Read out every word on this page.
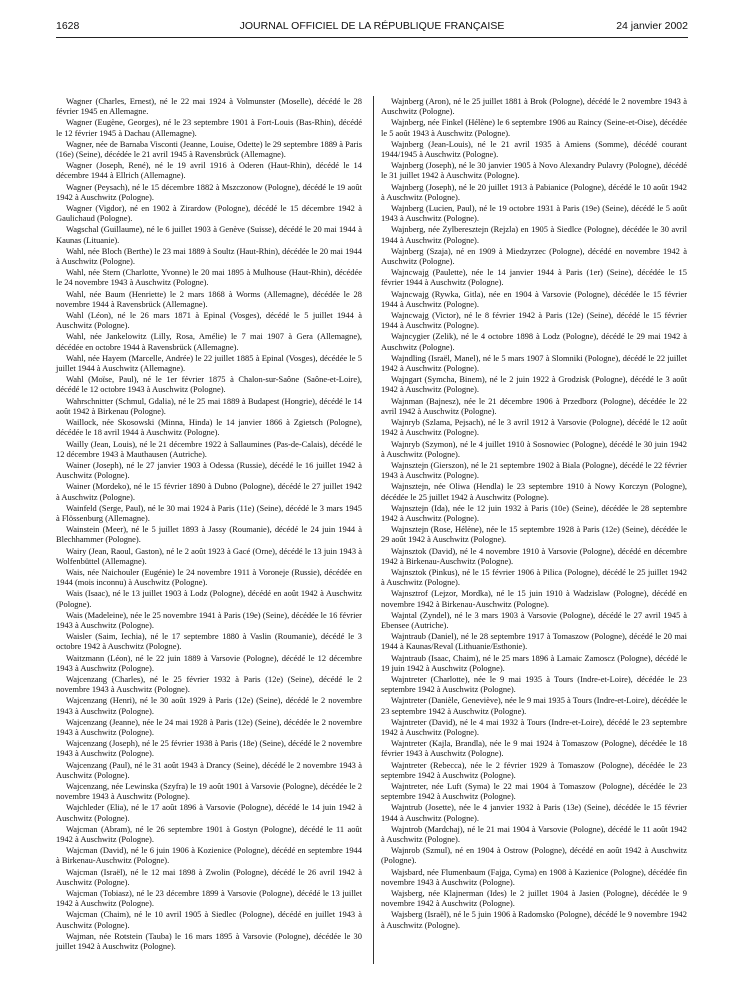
1628	JOURNAL OFFICIEL DE LA RÉPUBLIQUE FRANÇAISE	24 janvier 2002

Wagner (Charles, Ernest), né le 22 mai 1924 à Volmunster (Moselle), décédé le 28 février 1945 en Allemagne.

Wagner (Eugène, Georges), né le 23 septembre 1901 à Fort-Louis (Bas-Rhin), décédé le 12 février 1945 à Dachau (Allemagne).

Wagner, née de Barnaba Visconti (Jeanne, Louise, Odette) le 29 septembre 1889 à Paris (16e) (Seine), décédée le 21 avril 1945 à Ravensbrück (Allemagne).

Wagner (Joseph, René), né le 19 avril 1916 à Oderen (Haut-Rhin), décédé le 14 décembre 1944 à Ellrich (Allemagne).

Wagner (Peysach), né le 15 décembre 1882 à Mszczonow (Pologne), décédé le 19 août 1942 à Auschwitz (Pologne).

Wagner (Vigdor), né en 1902 à Zirardow (Pologne), décédé le 15 décembre 1942 à Gaulichaud (Pologne).

Wagschal (Guillaume), né le 6 juillet 1903 à Genève (Suisse), décédé le 20 mai 1944 à Kaunas (Lituanie).

Wahl, née Bloch (Berthe) le 23 mai 1889 à Soultz (Haut-Rhin), décédée le 20 mai 1944 à Auschwitz (Pologne).

Wahl, née Stern (Charlotte, Yvonne) le 20 mai 1895 à Mulhouse (Haut-Rhin), décédée le 24 novembre 1943 à Auschwitz (Pologne).

Wahl, née Baum (Henriette) le 2 mars 1868 à Worms (Allemagne), décédée le 28 novembre 1944 à Ravensbrück (Allemagne).

Wahl (Léon), né le 26 mars 1871 à Epinal (Vosges), décédé le 5 juillet 1944 à Auschwitz (Pologne).

Wahl, née Jankelowitz (Lilly, Rosa, Amélie) le 7 mai 1907 à Gera (Allemagne), décédée en octobre 1944 à Ravensbrück (Allemagne).

Wahl, née Hayem (Marcelle, Andrée) le 22 juillet 1885 à Epinal (Vosges), décédée le 5 juillet 1944 à Auschwitz (Allemagne).

Wahl (Moïse, Paul), né le 1er février 1875 à Chalon-sur-Saône (Saône-et-Loire), décédé le 12 octobre 1943 à Auschwitz (Pologne).

Wahrschnitter (Schmul, Gdalia), né le 25 mai 1889 à Budapest (Hongrie), décédé le 14 août 1942 à Birkenau (Pologne).

Waillock, née Skosowski (Minna, Hinda) le 14 janvier 1866 à Zgietsch (Pologne), décédée le 18 avril 1944 à Auschwitz (Pologne).

Wailly (Jean, Louis), né le 21 décembre 1922 à Sallaumines (Pas-de-Calais), décédé le 12 décembre 1943 à Mauthausen (Autriche).

Wainer (Joseph), né le 27 janvier 1903 à Odessa (Russie), décédé le 16 juillet 1942 à Auschwitz (Pologne).

Wainer (Mordeko), né le 15 février 1890 à Dubno (Pologne), décédé le 27 juillet 1942 à Auschwitz (Pologne).

Wainfeld (Serge, Paul), né le 30 mai 1924 à Paris (11e) (Seine), décédé le 3 mars 1945 à Flössenburg (Allemagne).

Wainstein (Meer), né le 5 juillet 1893 à Jassy (Roumanie), décédé le 24 juin 1944 à Blechhammer (Pologne).

Wairy (Jean, Raoul, Gaston), né le 2 août 1923 à Gacé (Orne), décédé le 13 juin 1943 à Wolfenbüttel (Allemagne).

Wais, née Naichouler (Eugénie) le 24 novembre 1911 à Voroneje (Russie), décédée en 1944 (mois inconnu) à Auschwitz (Pologne).

Wais (Isaac), né le 13 juillet 1903 à Lodz (Pologne), décédé en août 1942 à Auschwitz (Pologne).

Wais (Madeleine), née le 25 novembre 1941 à Paris (19e) (Seine), décédée le 16 février 1943 à Auschwitz (Pologne).

Waisler (Saim, Iechia), né le 17 septembre 1880 à Vaslin (Roumanie), décédé le 3 octobre 1942 à Auschwitz (Pologne).

Waitzmann (Léon), né le 22 juin 1889 à Varsovie (Pologne), décédé le 12 décembre 1943 à Auschwitz (Pologne).

Wajcenzang (Charles), né le 25 février 1932 à Paris (12e) (Seine), décédé le 2 novembre 1943 à Auschwitz (Pologne).

Wajcenzang (Henri), né le 30 août 1929 à Paris (12e) (Seine), décédé le 2 novembre 1943 à Auschwitz (Pologne).

Wajcenzang (Jeanne), née le 24 mai 1928 à Paris (12e) (Seine), décédée le 2 novembre 1943 à Auschwitz (Pologne).

Wajcenzang (Joseph), né le 25 février 1938 à Paris (18e) (Seine), décédé le 2 novembre 1943 à Auschwitz (Pologne).

Wajcenzang (Paul), né le 31 août 1943 à Drancy (Seine), décédé le 2 novembre 1943 à Auschwitz (Pologne).

Wajcenzang, née Lewinska (Szyfra) le 19 août 1901 à Varsovie (Pologne), décédée le 2 novembre 1943 à Auschwitz (Pologne).

Wajchleder (Elia), né le 17 août 1896 à Varsovie (Pologne), décédé le 14 juin 1942 à Auschwitz (Pologne).

Wajcman (Abram), né le 26 septembre 1901 à Gostyn (Pologne), décédé le 11 août 1942 à Auschwitz (Pologne).

Wajcman (David), né le 6 juin 1906 à Kozienice (Pologne), décédé en septembre 1944 à Birkenau-Auschwitz (Pologne).

Wajcman (Israël), né le 12 mai 1898 à Zwolin (Pologne), décédé le 26 avril 1942 à Auschwitz (Pologne).

Wajcman (Tobiasz), né le 23 décembre 1899 à Varsovie (Pologne), décédé le 13 juillet 1942 à Auschwitz (Pologne).

Wajcman (Chaim), né le 10 avril 1905 à Siedlec (Pologne), décédé en juillet 1943 à Auschwitz (Pologne).

Wajman, née Rotstein (Tauba) le 16 mars 1895 à Varsovie (Pologne), décédée le 30 juillet 1942 à Auschwitz (Pologne).

Wajnberg (Aron), né le 25 juillet 1881 à Brok (Pologne), décédé le 2 novembre 1943 à Auschwitz (Pologne).

Wajnberg, née Finkel (Hélène) le 6 septembre 1906 au Raincy (Seine-et-Oise), décédée le 5 août 1943 à Auschwitz (Pologne).

Wajnberg (Jean-Louis), né le 21 avril 1935 à Amiens (Somme), décédé courant 1944/1945 à Auschwitz (Pologne).

Wajnberg (Joseph), né le 30 janvier 1905 à Novo Alexandry Pulavry (Pologne), décédé le 31 juillet 1942 à Auschwitz (Pologne).

Wajnberg (Joseph), né le 20 juillet 1913 à Pabianice (Pologne), décédé le 10 août 1942 à Auschwitz (Pologne).

Wajnberg (Lucien, Paul), né le 19 octobre 1931 à Paris (19e) (Seine), décédé le 5 août 1943 à Auschwitz (Pologne).

Wajnberg, née Zylberesztejn (Rejzla) en 1905 à Siedlce (Pologne), décédée le 30 avril 1944 à Auschwitz (Pologne).

Wajnberg (Szaja), né en 1909 à Miedzyrzec (Pologne), décédé en novembre 1942 à Auschwitz (Pologne).

Wajncwajg (Paulette), née le 14 janvier 1944 à Paris (1er) (Seine), décédée le 15 février 1944 à Auschwitz (Pologne).

Wajncwajg (Rywka, Gitla), née en 1904 à Varsovie (Pologne), décédée le 15 février 1944 à Auschwitz (Pologne).

Wajncwajg (Victor), né le 8 février 1942 à Paris (12e) (Seine), décédé le 15 février 1944 à Auschwitz (Pologne).

Wajncygier (Zelik), né le 4 octobre 1898 à Lodz (Pologne), décédé le 29 mai 1942 à Auschwitz (Pologne).

Wajndling (Israël, Manel), né le 5 mars 1907 à Slomniki (Pologne), décédé le 22 juillet 1942 à Auschwitz (Pologne).

Wajngart (Symcha, Binem), né le 2 juin 1922 à Grodzisk (Pologne), décédé le 3 août 1942 à Auschwitz (Pologne).

Wajnman (Bajnesz), née le 21 décembre 1906 à Przedborz (Pologne), décédée le 22 avril 1942 à Auschwitz (Pologne).

Wajnryb (Szlama, Pejsach), né le 3 avril 1912 à Varsovie (Pologne), décédé le 12 août 1942 à Auschwitz (Pologne).

Wajnryb (Szymon), né le 4 juillet 1910 à Sosnowiec (Pologne), décédé le 30 juin 1942 à Auschwitz (Pologne).

Wajnsztejn (Gierszon), né le 21 septembre 1902 à Biala (Pologne), décédé le 22 février 1943 à Auschwitz (Pologne).

Wajnsztejn, née Oliwa (Hendla) le 23 septembre 1910 à Nowy Korczyn (Pologne), décédée le 25 juillet 1942 à Auschwitz (Pologne).

Wajnsztejn (Ida), née le 12 juin 1932 à Paris (10e) (Seine), décédée le 28 septembre 1942 à Auschwitz (Pologne).

Wajnsztejn (Rose, Hélène), née le 15 septembre 1928 à Paris (12e) (Seine), décédée le 29 août 1942 à Auschwitz (Pologne).

Wajnsztok (David), né le 4 novembre 1910 à Varsovie (Pologne), décédé en décembre 1942 à Birkenau-Auschwitz (Pologne).

Wajnsztok (Pinkus), né le 15 février 1906 à Pilica (Pologne), décédé le 25 juillet 1942 à Auschwitz (Pologne).

Wajnsztrof (Lejzor, Mordka), né le 15 juin 1910 à Wadzislaw (Pologne), décédé en novembre 1942 à Birkenau-Auschwitz (Pologne).

Wajntal (Zyndel), né le 3 mars 1903 à Varsovie (Pologne), décédé le 27 avril 1945 à Ebensee (Autriche).

Wajntraub (Daniel), né le 28 septembre 1917 à Tomaszow (Pologne), décédé le 20 mai 1944 à Kaunas/Reval (Lithuanie/Esthonie).

Wajntraub (Isaac, Chaim), né le 25 mars 1896 à Lamaic Zamoscz (Pologne), décédé le 19 juin 1942 à Auschwitz (Pologne).

Wajntreter (Charlotte), née le 9 mai 1935 à Tours (Indre-et-Loire), décédée le 23 septembre 1942 à Auschwitz (Pologne).

Wajntreter (Danièle, Geneviève), née le 9 mai 1935 à Tours (Indre-et-Loire), décédée le 23 septembre 1942 à Auschwitz (Pologne).

Wajntreter (David), né le 4 mai 1932 à Tours (Indre-et-Loire), décédé le 23 septembre 1942 à Auschwitz (Pologne).

Wajntreter (Kajla, Brandla), née le 9 mai 1924 à Tomaszow (Pologne), décédée le 18 février 1943 à Auschwitz (Pologne).

Wajntreter (Rebecca), née le 2 février 1929 à Tomaszow (Pologne), décédée le 23 septembre 1942 à Auschwitz (Pologne).

Wajntreter, née Luft (Syma) le 22 mai 1904 à Tomaszow (Pologne), décédée le 23 septembre 1942 à Auschwitz (Pologne).

Wajntrub (Josette), née le 4 janvier 1932 à Paris (13e) (Seine), décédée le 15 février 1944 à Auschwitz (Pologne).

Wajntrob (Mardchaj), né le 21 mai 1904 à Varsovie (Pologne), décédé le 11 août 1942 à Auschwitz (Pologne).

Wajnrob (Szmul), né en 1904 à Ostrow (Pologne), décédé en août 1942 à Auschwitz (Pologne).

Wajsbard, née Flumenbaum (Fajga, Cyma) en 1908 à Kazienice (Pologne), décédée fin novembre 1943 à Auschwitz (Pologne).

Wajsberg, née Klajnerman (Ides) le 2 juillet 1904 à Jasien (Pologne), décédée le 9 novembre 1942 à Auschwitz (Pologne).

Wajsberg (Israël), né le 5 juin 1906 à Radomsko (Pologne), décédé le 9 novembre 1942 à Auschwitz (Pologne).
